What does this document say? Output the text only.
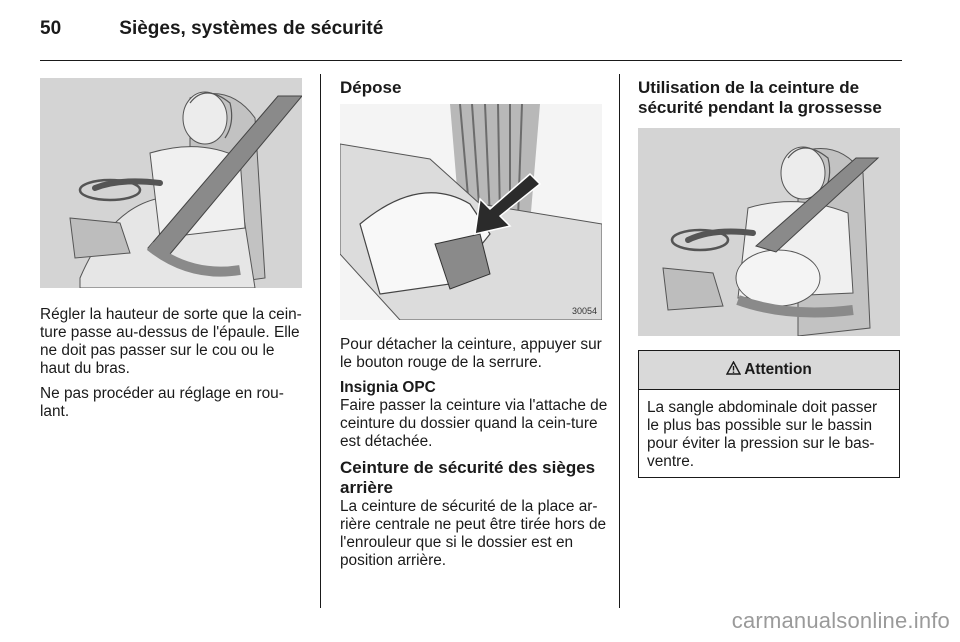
50	Sièges, systèmes de sécurité

Régler la hauteur de sorte que la cein-ture passe au-dessus de l'épaule. Elle ne doit pas passer sur le cou ou le haut du bras.

Ne pas procéder au réglage en rou-lant.

Dépose
30054

Pour détacher la ceinture, appuyer sur le bouton rouge de la serrure.

Insignia OPC

Faire passer la ceinture via l'attache de ceinture du dossier quand la cein-ture est détachée.

Ceinture de sécurité des sièges arrière

La ceinture de sécurité de la place ar-rière centrale ne peut être tirée hors de l'enrouleur que si le dossier est en position arrière.

Utilisation de la ceinture de sécurité pendant la grossesse
Attention
La sangle abdominale doit passer le plus bas possible sur le bassin pour éviter la pression sur le bas-ventre.
carmanualsonline.info
